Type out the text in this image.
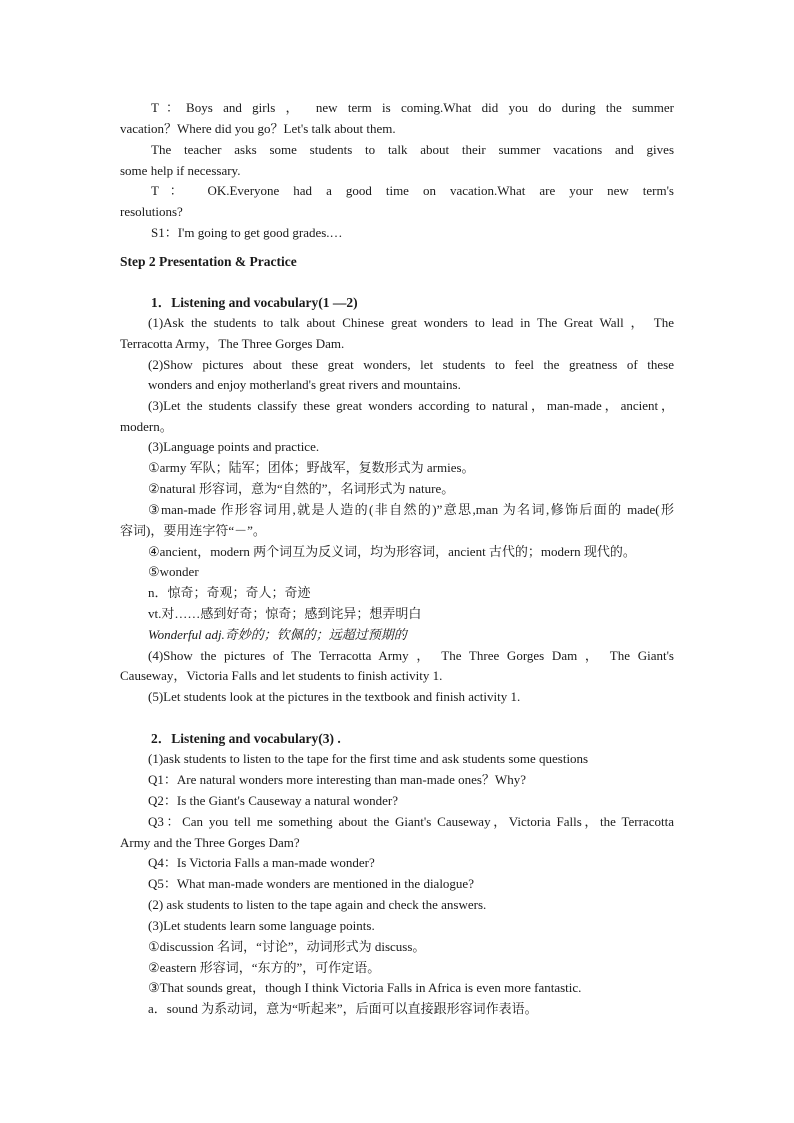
T：Boys and girls ， new term is coming.What did you do during the summer
vacation？Where did you go？Let's talk about them.
The teacher asks some students to talk about their summer vacations and gives
some help if necessary.
T： OK.Everyone had a good time on vacation.What are your new term's
resolutions?
S1：I'm going to get good grades.…
Step 2 Presentation & Practice
1．Listening and vocabulary(1 —2)
(1)Ask the students to talk about Chinese great wonders to lead in The Great Wall ， The
Terracotta Army，The Three Gorges Dam.
(2)Show pictures about these great wonders, let students to feel the greatness of these
wonders and enjoy motherland's great rivers and mountains.
(3)Let the students classify these great wonders according to natural，man-made，ancient，
modern。
(3)Language points and practice.
①army 军队；陆军；团体；野战军，复数形式为 armies。
②natural 形容词，意为“自然的”，名词形式为 nature。
③man-made 作形容词用,就是人造的(非自然的)”意思,man 为名词,修饰后面的 made(形
容词)，要用连字符“－”。
④ancient，modern 两个词互为反义词，均为形容词，ancient 古代的；modern 现代的。
⑤wonder
n．惊奇；奇观；奇人；奇迹
vt.对……感到好奇；惊奇；感到诧异；想弄明白
Wonderful adj.奇妙的；钦佩的；远超过预期的
(4)Show the pictures of The Terracotta Army ， The Three Gorges Dam ， The Giant's
Causeway，Victoria Falls and let students to finish activity 1.
(5)Let students look at the pictures in the textbook and finish activity 1.
2．Listening and vocabulary(3) .
(1)ask students to listen to the tape for the first time and ask students some questions
Q1：Are natural wonders more interesting than man-made ones？Why?
Q2：Is the Giant's Causeway a natural wonder?
Q3：Can you tell me something about the Giant's Causeway，Victoria Falls，the Terracotta
Army and the Three Gorges Dam?
Q4：Is Victoria Falls a man-made wonder?
Q5：What man-made wonders are mentioned in the dialogue?
(2) ask students to listen to the tape again and check the answers.
(3)Let students learn some language points.
①discussion 名词，“讨论”，动词形式为 discuss。
②eastern 形容词，“东方的”，可作定语。
③That sounds great，though I think Victoria Falls in Africa is even more fantastic.
a．sound 为系动词，意为“听起来”，后面可以直接跟形容词作表语。
